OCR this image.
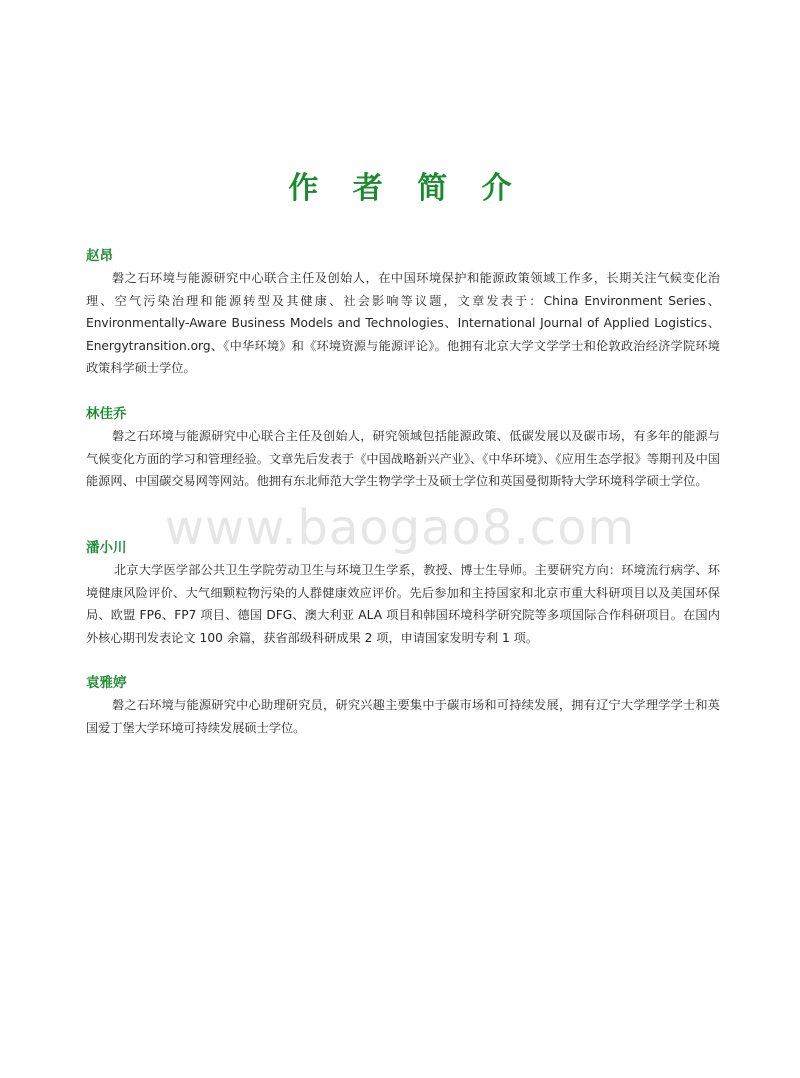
www.baogao8.com
作 者 简 介
赵昂

磐之石环境与能源研究中心联合主任及创始人，在中国环境保护和能源政策领域工作多，长期关注气候变化治理、空气污染治理和能源转型及其健康、社会影响等议题，文章发表于：China Environment Series、Environmentally-Aware Business Models and Technologies、International Journal of Applied Logistics、Energytransition.org、《中华环境》和《环境资源与能源评论》。他拥有北京大学文学学士和伦敦政治经济学院环境政策科学硕士学位。

林佳乔

磐之石环境与能源研究中心联合主任及创始人，研究领域包括能源政策、低碳发展以及碳市场，有多年的能源与气候变化方面的学习和管理经验。文章先后发表于《中国战略新兴产业》、《中华环境》、《应用生态学报》等期刊及中国能源网、中国碳交易网等网站。他拥有东北师范大学生物学学士及硕士学位和英国曼彻斯特大学环境科学硕士学位。

潘小川

北京大学医学部公共卫生学院劳动卫生与环境卫生学系，教授、博士生导师。主要研究方向：环境流行病学、环境健康风险评价、大气细颗粒物污染的人群健康效应评价。先后参加和主持国家和北京市重大科研项目以及美国环保局、欧盟 FP6、FP7 项目、德国 DFG、澳大利亚 ALA 项目和韩国环境科学研究院等多项国际合作科研项目。在国内外核心期刊发表论文 100 余篇，获省部级科研成果 2 项，申请国家发明专利 1 项。

袁雅婷

磐之石环境与能源研究中心助理研究员，研究兴趣主要集中于碳市场和可持续发展，拥有辽宁大学理学学士和英国爱丁堡大学环境可持续发展硕士学位。
